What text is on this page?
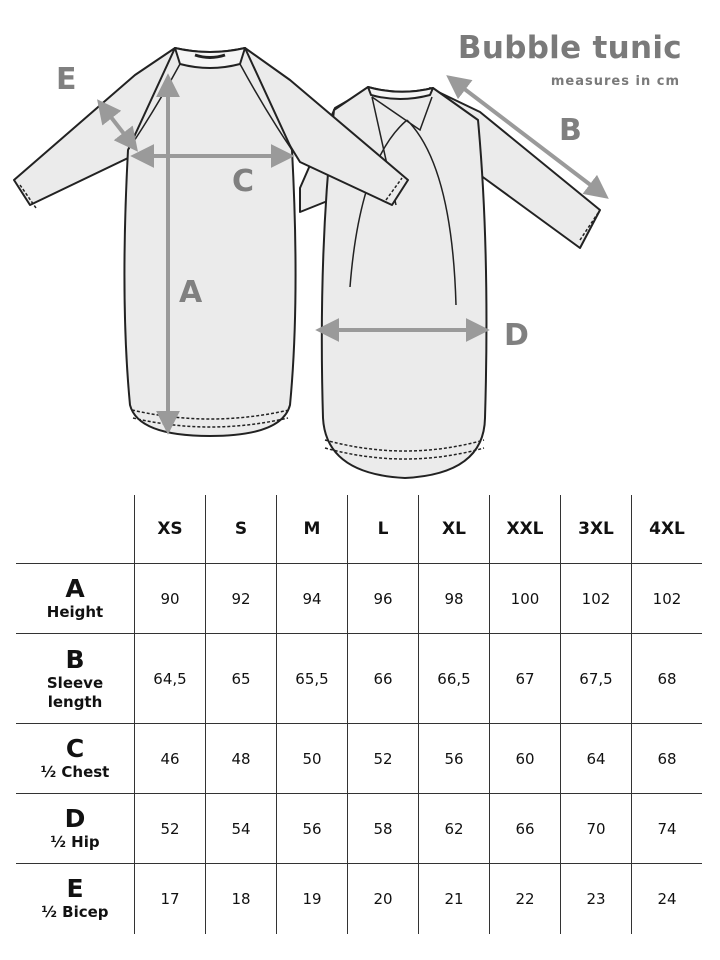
Bubble tunic
measures in cm
E
B
C
A
D
	XS	S	M	L	XL	XXL	3XL	4XL

A
Height	90	92	94	96	98	100	102	102

B
Sleeve length	64,5	65	65,5	66	66,5	67	67,5	68

C
½ Chest	46	48	50	52	56	60	64	68

D
½ Hip	52	54	56	58	62	66	70	74

E
½ Bicep	17	18	19	20	21	22	23	24
